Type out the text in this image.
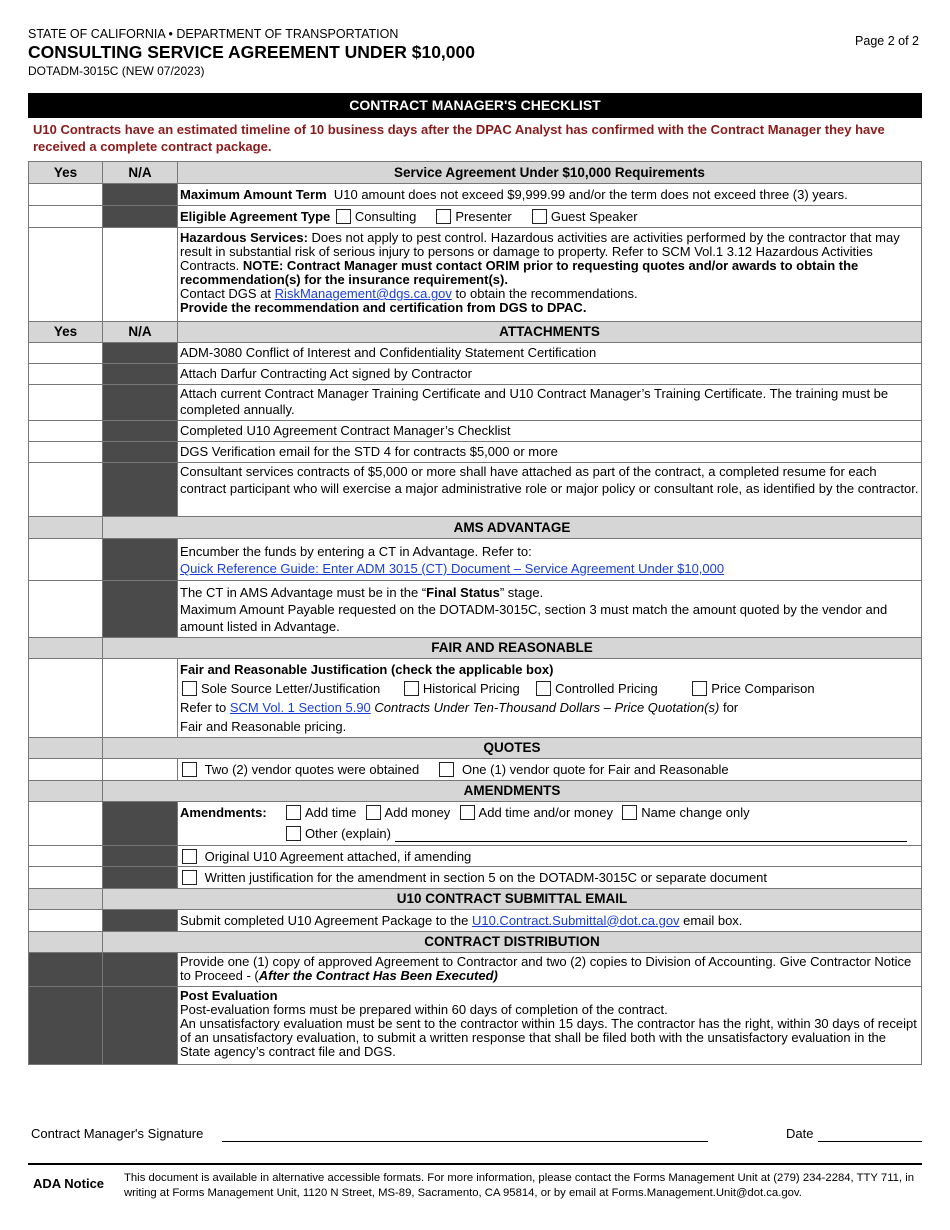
STATE OF CALIFORNIA • DEPARTMENT OF TRANSPORTATION
CONSULTING SERVICE AGREEMENT UNDER $10,000
DOTADM-3015C (NEW 07/2023)
Page 2 of 2
CONTRACT MANAGER'S CHECKLIST
U10 Contracts have an estimated timeline of 10 business days after the DPAC Analyst has confirmed with the Contract Manager they have received a complete contract package.
Yes	N/A	Service Agreement Under $10,000 Requirements
		Maximum Amount Term U10 amount does not exceed $9,999.99 and/or the term does not exceed three (3) years.
		Eligible Agreement Type Consulting Presenter Guest Speaker
		Hazardous Services: Does not apply to pest control. Hazardous activities are activities performed by the contractor that may result in substantial risk of serious injury to persons or damage to property. Refer to SCM Vol.1 3.12 Hazardous Activities Contracts. NOTE: Contract Manager must contact ORIM prior to requesting quotes and/or awards to obtain the recommendation(s) for the insurance requirement(s).
Contact DGS at RiskManagement@dgs.ca.gov to obtain the recommendations.
Provide the recommendation and certification from DGS to DPAC.
Yes	N/A	ATTACHMENTS
		ADM-3080 Conflict of Interest and Confidentiality Statement Certification
		Attach Darfur Contracting Act signed by Contractor
		Attach current Contract Manager Training Certificate and U10 Contract Manager’s Training Certificate. The training must be completed annually.
		Completed U10 Agreement Contract Manager’s Checklist
		DGS Verification email for the STD 4 for contracts $5,000 or more
		Consultant services contracts of $5,000 or more shall have attached as part of the contract, a completed resume for each contract participant who will exercise a major administrative role or major policy or consultant role, as identified by the contractor.
	AMS ADVANTAGE	
		Encumber the funds by entering a CT in Advantage. Refer to:
Quick Reference Guide: Enter ADM 3015 (CT) Document – Service Agreement Under $10,000
		The CT in AMS Advantage must be in the “Final Status” stage.
Maximum Amount Payable requested on the DOTADM-3015C, section 3 must match the amount quoted by the vendor and amount listed in Advantage.
	FAIR AND REASONABLE	
		Fair and Reasonable Justification (check the applicable box)
Sole Source Letter/Justification Historical Pricing Controlled Pricing Price Comparison
Refer to SCM Vol. 1 Section 5.90 Contracts Under Ten-Thousand Dollars – Price Quotation(s) for
Fair and Reasonable pricing.
	QUOTES	
		Two (2) vendor quotes were obtained One (1) vendor quote for Fair and Reasonable
	AMENDMENTS	
		Amendments: Add time Add money Add time and/or money Name change only
Other (explain)
		Original U10 Agreement attached, if amending
		Written justification for the amendment in section 5 on the DOTADM-3015C or separate document
	U10 CONTRACT SUBMITTAL EMAIL	
		Submit completed U10 Agreement Package to the U10.Contract.Submittal@dot.ca.gov email box.
	CONTRACT DISTRIBUTION	
		Provide one (1) copy of approved Agreement to Contractor and two (2) copies to Division of Accounting. Give Contractor Notice to Proceed - (After the Contract Has Been Executed)
		Post Evaluation
Post-evaluation forms must be prepared within 60 days of completion of the contract.
An unsatisfactory evaluation must be sent to the contractor within 15 days. The contractor has the right, within 30 days of receipt of an unsatisfactory evaluation, to submit a written response that shall be filed both with the unsatisfactory evaluation in the State agency’s contract file and DGS.
Contract Manager's Signature	Date
ADA Notice This document is available in alternative accessible formats. For more information, please contact the Forms Management Unit at (279) 234-2284, TTY 711, in writing at Forms Management Unit, 1120 N Street, MS-89, Sacramento, CA 95814, or by email at Forms.Management.Unit@dot.ca.gov.
